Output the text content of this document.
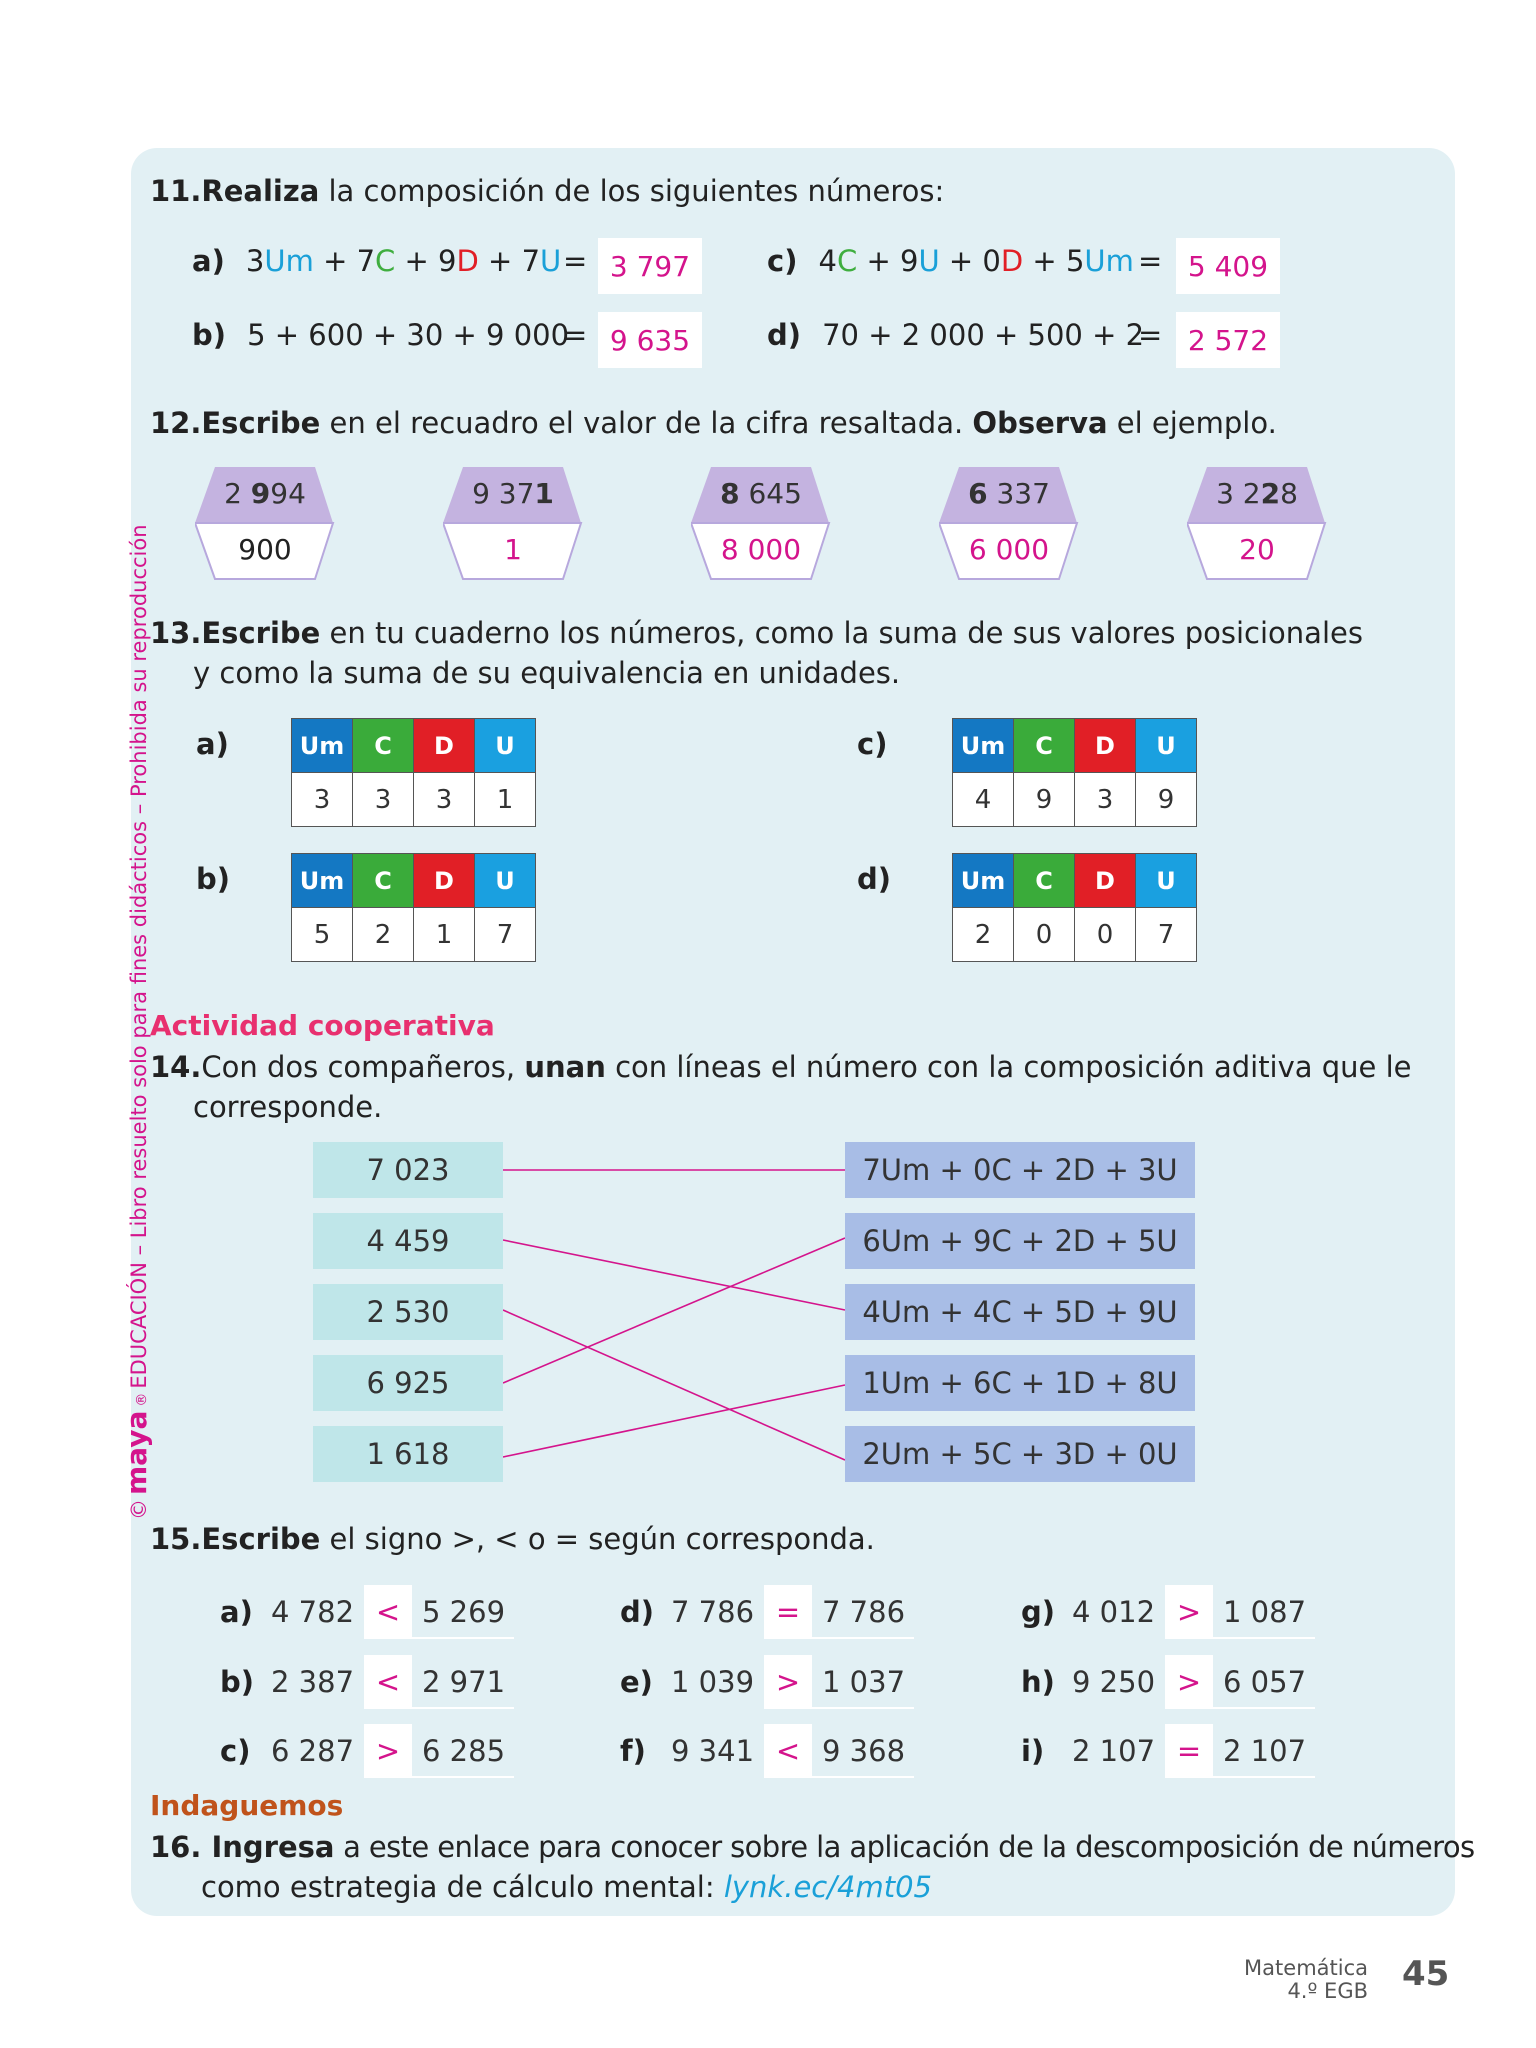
11.Realiza la composición de los siguientes números:
a) 3Um + 7C + 9D + 7U = 3 797
b) 5 + 600 + 30 + 9 000
= 9 635
c) 4C + 9U + 0D + 5Um = 5 409
d) 70 + 2 000 + 500 + 2
= 2 572
12.Escribe en el recuadro el valor de la cifra resaltada. Observa el ejemplo.
2 994
900
9 371
1
8 645
8 000
6 337
6 000
3 228
20
13.Escribe en tu cuaderno los números, como la suma de sus valores posicionales
y como la suma de su equivalencia en unidades.
a)	Um	C	D	U
3	3	3	1
b)	Um	C	D	U
5	2	1	7
c)	Um	C	D	U
4	9	3	9
d)	Um	C	D	U
2	0	0	7
Actividad cooperativa
14.Con dos compañeros, unan con líneas el número con la composición aditiva que le
corresponde.
7 023	7Um + 0C + 2D + 3U
4 459	6Um + 9C + 2D + 5U
2 530	4Um + 4C + 5D + 9U
6 925	1Um + 6C + 1D + 8U
1 618	2Um + 5C + 3D + 0U
15.Escribe el signo >, < o = según corresponda.
a) 4 782 < 5 269
b) 2 387 < 2 971
c) 6 287 > 6 285
d) 7 786 = 7 786
e) 1 039 > 1 037
f) 9 341 < 9 368
g) 4 012 > 1 087
h) 9 250 > 6 057
i) 2 107 = 2 107
Indaguemos
16. Ingresa a este enlace para conocer sobre la aplicación de la descomposición de números
como estrategia de cálculo mental: lynk.ec/4mt05
©
maya
®
EDUCACIÓN – Libro resuelto solo para fines didácticos – Prohibida su reproducción
Matemática
4.º EGB 45
